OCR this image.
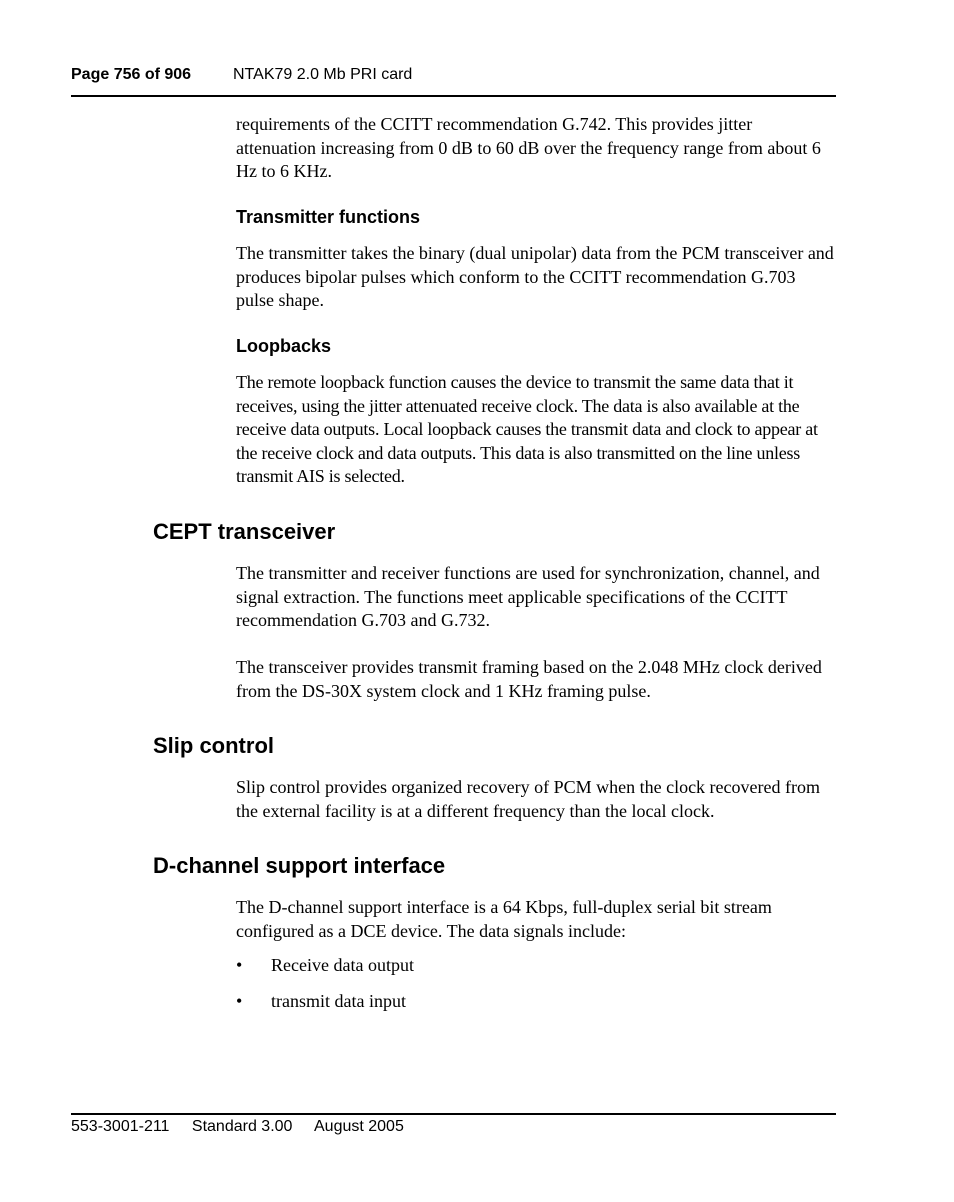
Page 756 of 906	NTAK79 2.0 Mb PRI card

requirements of the CCITT recommendation G.742. This provides jitter attenuation increasing from 0 dB to 60 dB over the frequency range from about 6 Hz to 6 KHz.

Transmitter functions

The transmitter takes the binary (dual unipolar) data from the PCM transceiver and produces bipolar pulses which conform to the CCITT recommendation G.703 pulse shape.

Loopbacks

The remote loopback function causes the device to transmit the same data that it receives, using the jitter attenuated receive clock. The data is also available at the receive data outputs. Local loopback causes the transmit data and clock to appear at the receive clock and data outputs. This data is also transmitted on the line unless transmit AIS is selected.

CEPT transceiver

The transmitter and receiver functions are used for synchronization, channel, and signal extraction. The functions meet applicable specifications of the CCITT recommendation G.703 and G.732.

The transceiver provides transmit framing based on the 2.048 MHz clock derived from the DS-30X system clock and 1 KHz framing pulse.

Slip control

Slip control provides organized recovery of PCM when the clock recovered from the external facility is at a different frequency than the local clock.

D-channel support interface

The D-channel support interface is a 64 Kbps, full-duplex serial bit stream configured as a DCE device. The data signals include:

• Receive data output
• transmit data input
553-3001-211 Standard 3.00 August 2005
